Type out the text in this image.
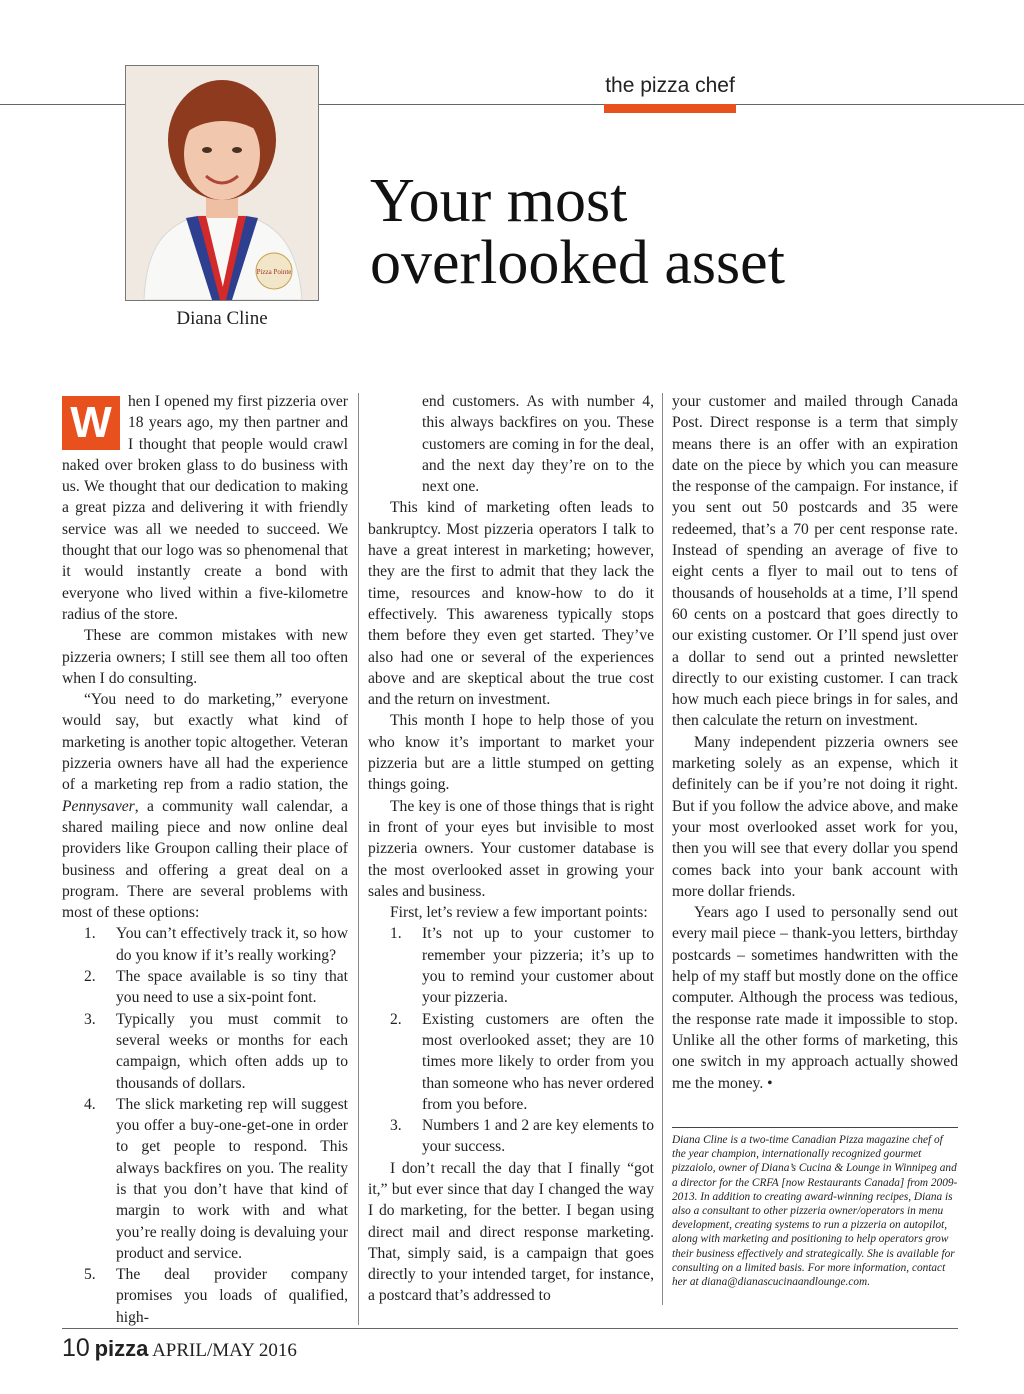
the pizza chef
Pizza Pointe
Diana Cline
Your most
overlooked asset

W	hen I opened my first pizzeria over 18 years ago, my then partner and I thought that people would crawl naked over broken glass to do business with us. We thought that our dedication to making a great pizza and delivering it with friendly service was all we needed to succeed. We thought that our logo was so phenomenal that it would instantly create a bond with everyone who lived within a five-kilometre radius of the store.

These are common mistakes with new pizzeria owners; I still see them all too often when I do consulting.

“You need to do marketing,” everyone would say, but exactly what kind of marketing is another topic altogether. Veteran pizzeria owners have all had the experience of a marketing rep from a radio station, the Pennysaver, a community wall calendar, a shared mailing piece and now online deal providers like Groupon calling their place of business and offering a great deal on a program. There are several problems with most of these options:

1. You can’t effectively track it, so how do you know if it’s really working?
2. The space available is so tiny that you need to use a six-point font.
3. Typically you must commit to several weeks or months for each campaign, which often adds up to thousands of dollars.
4. The slick marketing rep will suggest you offer a buy-one-get-one in order to get people to respond. This always backfires on you. The reality is that you don’t have that kind of margin to work with and what you’re really doing is devaluing your product and service.
5. The deal provider company promises you loads of qualified, high-

end customers. As with number 4, this always backfires on you. These customers are coming in for the deal, and the next day they’re on to the next one.

This kind of marketing often leads to bankruptcy. Most pizzeria operators I talk to have a great interest in marketing; however, they are the first to admit that they lack the time, resources and know-how to do it effectively. This awareness typically stops them before they even get started. They’ve also had one or several of the experiences above and are skeptical about the true cost and the return on investment.

This month I hope to help those of you who know it’s important to market your pizzeria but are a little stumped on getting things going.

The key is one of those things that is right in front of your eyes but invisible to most pizzeria owners. Your customer database is the most overlooked asset in growing your sales and business.

First, let’s review a few important points:

1. It’s not up to your customer to remember your pizzeria; it’s up to you to remind your customer about your pizzeria.
2. Existing customers are often the most overlooked asset; they are 10 times more likely to order from you than someone who has never ordered from you before.
3. Numbers 1 and 2 are key elements to your success.

I don’t recall the day that I finally “got it,” but ever since that day I changed the way I do marketing, for the better. I began using direct mail and direct response marketing. That, simply said, is a campaign that goes directly to your intended target, for instance, a postcard that’s addressed to

your customer and mailed through Canada Post. Direct response is a term that simply means there is an offer with an expiration date on the piece by which you can measure the response of the campaign. For instance, if you sent out 50 postcards and 35 were redeemed, that’s a 70 per cent response rate. Instead of spending an average of five to eight cents a flyer to mail out to tens of thousands of households at a time, I’ll spend 60 cents on a postcard that goes directly to our existing customer. Or I’ll spend just over a dollar to send out a printed newsletter directly to our existing customer. I can track how much each piece brings in for sales, and then calculate the return on investment.

Many independent pizzeria owners see marketing solely as an expense, which it definitely can be if you’re not doing it right. But if you follow the advice above, and make your most overlooked asset work for you, then you will see that every dollar you spend comes back into your bank account with more dollar friends.

Years ago I used to personally send out every mail piece – thank-you letters, birthday postcards – sometimes handwritten with the help of my staff but mostly done on the office computer. Although the process was tedious, the response rate made it impossible to stop. Unlike all the other forms of marketing, this one switch in my approach actually showed me the money. •

Diana Cline is a two-time Canadian Pizza magazine chef of the year champion, internationally recognized gourmet pizzaiolo, owner of Diana’s Cucina & Lounge in Winnipeg and a director for the CRFA [now Restaurants Canada] from 2009-2013. In addition to creating award-winning recipes, Diana is also a consultant to other pizzeria owner/operators in menu development, creating systems to run a pizzeria on autopilot, along with marketing and positioning to help operators grow their business effectively and strategically. She is available for consulting on a limited basis. For more information, contact her at diana@dianascucinaandlounge.com.
10 pizza APRIL/MAY 2016
